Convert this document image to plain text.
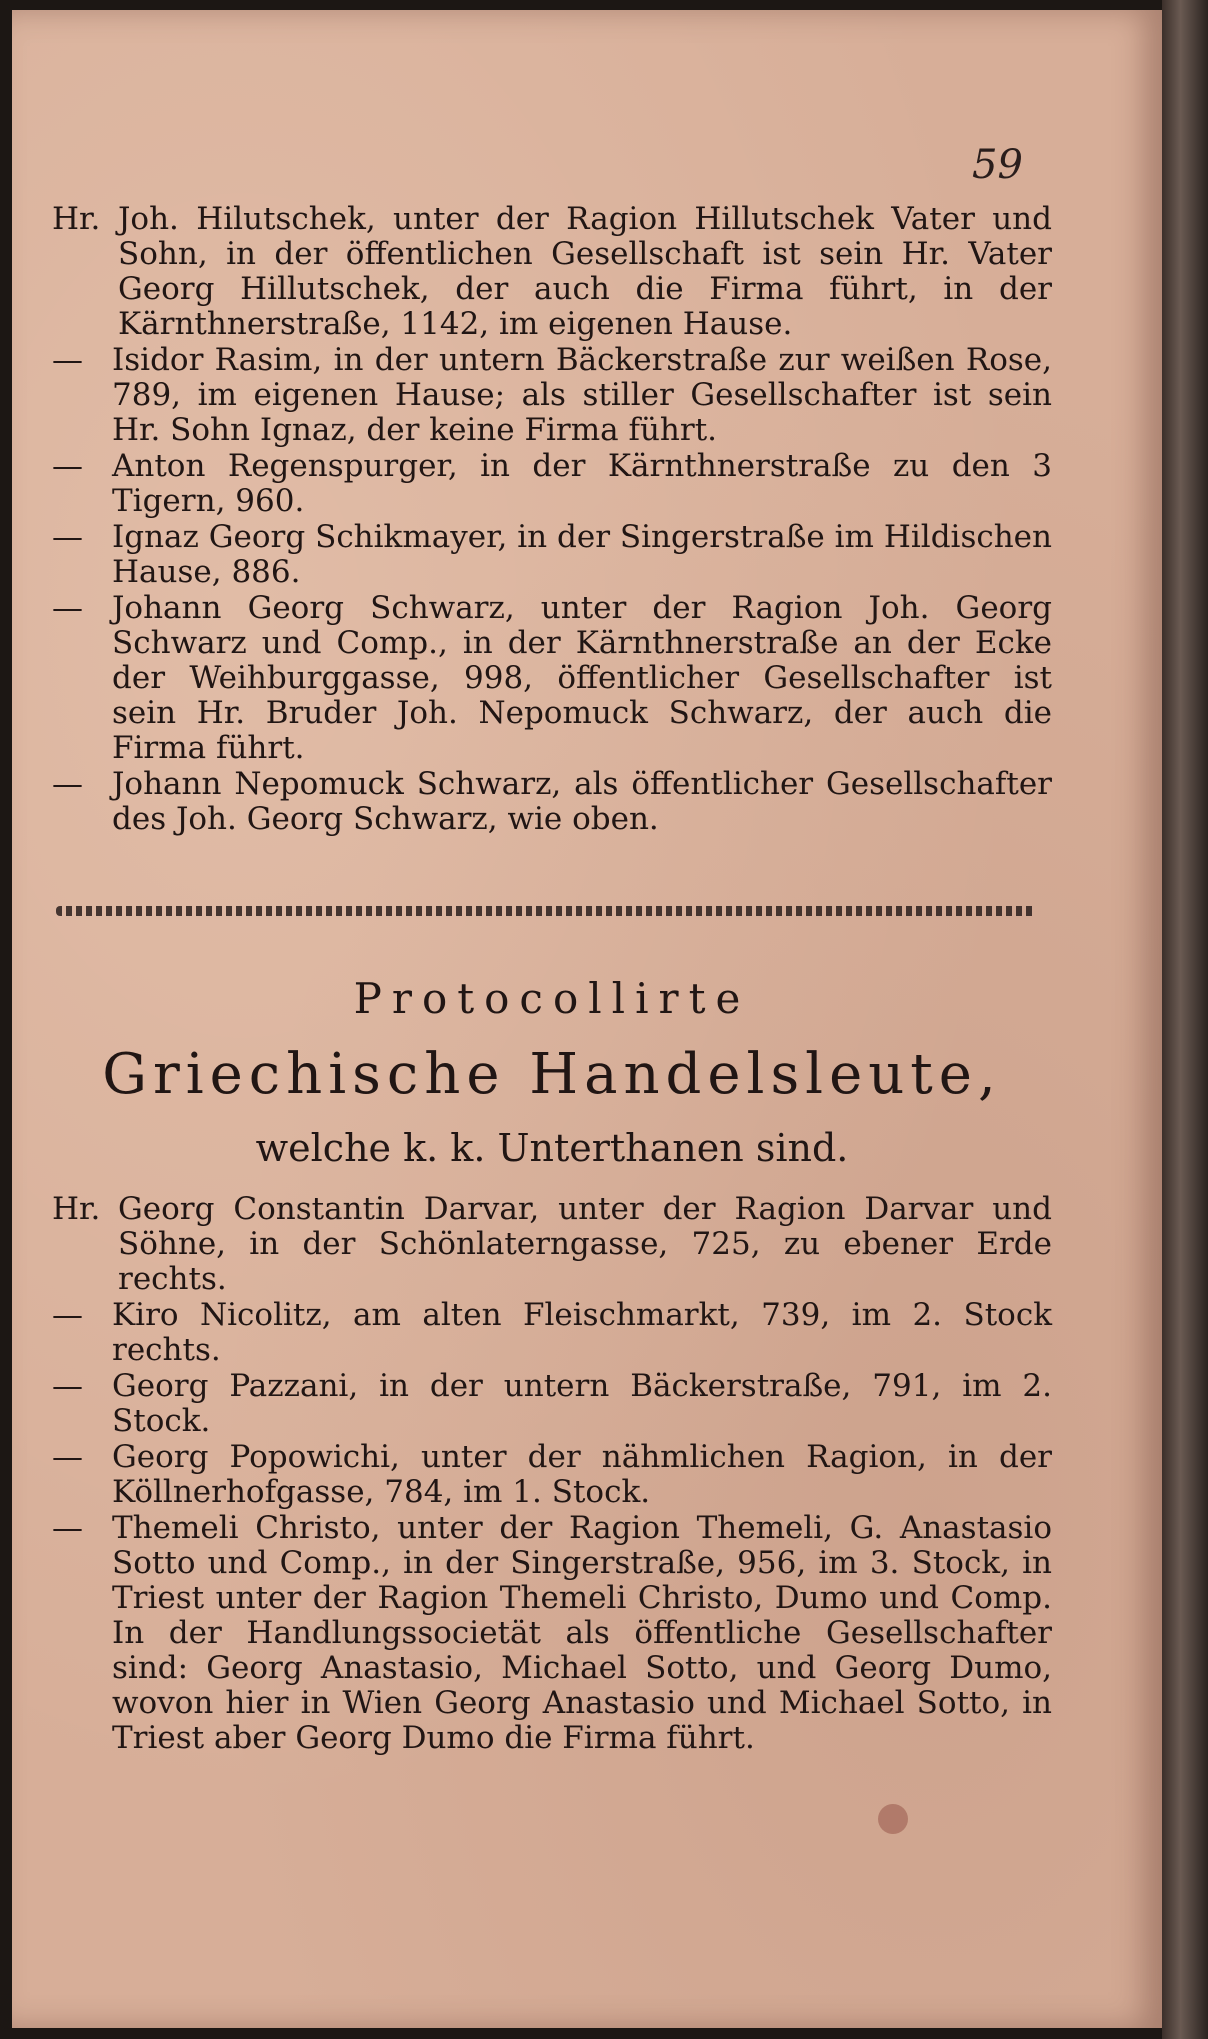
59

Hr. Joh. Hilutschek, unter der Ragion Hillutschek Vater und Sohn, in der öffentlichen Gesellschaft ist sein Hr. Vater Georg Hillutschek, der auch die Firma führt, in der Kärnthnerstraße, 1142, im eigenen Hause.

— Isidor Rasim, in der untern Bäckerstraße zur weißen Rose, 789, im eigenen Hause; als stiller Gesellschafter ist sein Hr. Sohn Ignaz, der keine Firma führt.

— Anton Regenspurger, in der Kärnthnerstraße zu den 3 Tigern, 960.

— Ignaz Georg Schikmayer, in der Singerstraße im Hildischen Hause, 886.

— Johann Georg Schwarz, unter der Ragion Joh. Georg Schwarz und Comp., in der Kärnthnerstraße an der Ecke der Weihburggasse, 998, öffentlicher Gesellschafter ist sein Hr. Bruder Joh. Nepomuck Schwarz, der auch die Firma führt.

— Johann Nepomuck Schwarz, als öffentlicher Gesellschafter des Joh. Georg Schwarz, wie oben.

Protocollirte
Griechische Handelsleute,
welche k. k. Unterthanen sind.

Hr. Georg Constantin Darvar, unter der Ragion Darvar und Söhne, in der Schönlaterngasse, 725, zu ebener Erde rechts.

— Kiro Nicolitz, am alten Fleischmarkt, 739, im 2. Stock rechts.

— Georg Pazzani, in der untern Bäckerstraße, 791, im 2. Stock.

— Georg Popowichi, unter der nähmlichen Ragion, in der Köllnerhofgasse, 784, im 1. Stock.

— Themeli Christo, unter der Ragion Themeli, G. Anastasio Sotto und Comp., in der Singerstraße, 956, im 3. Stock, in Triest unter der Ragion Themeli Christo, Dumo und Comp. In der Handlungssocietät als öffentliche Gesellschafter sind: Georg Anastasio, Michael Sotto, und Georg Dumo, wovon hier in Wien Georg Anastasio und Michael Sotto, in Triest aber Georg Dumo die Firma führt.
